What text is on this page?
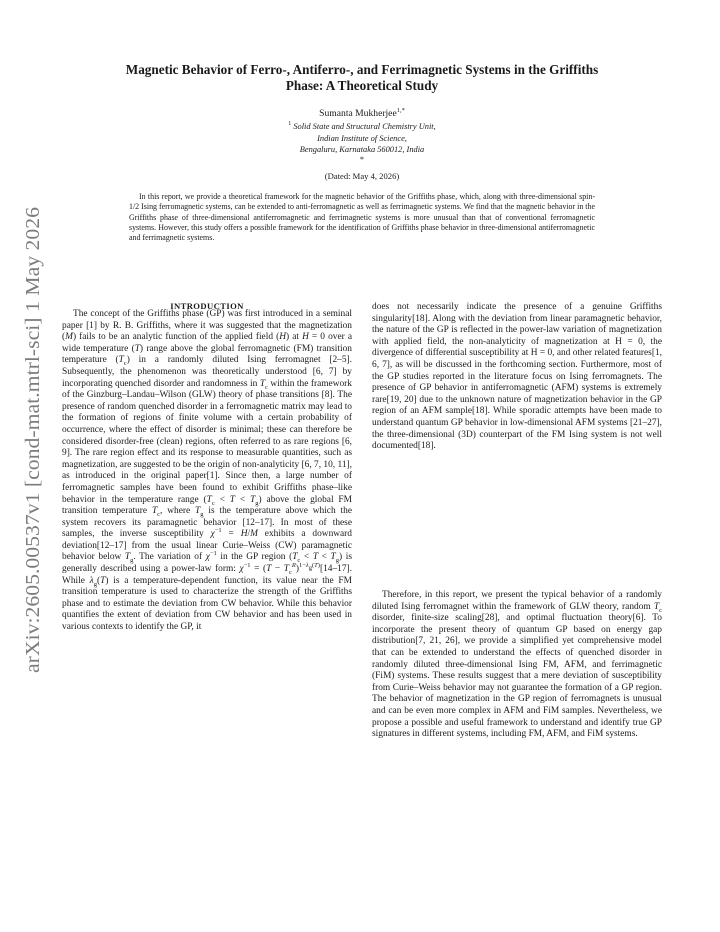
arXiv:2605.00537v1 [cond-mat.mtrl-sci] 1 May 2026
Magnetic Behavior of Ferro-, Antiferro-, and Ferrimagnetic Systems in the Griffiths
Phase: A Theoretical Study
Sumanta Mukherjee$^{1,*}$
$^1$ Solid State and Structural Chemistry Unit,
Indian Institute of Science,
Bengaluru, Karnataka 560012, India
*
(Dated: May 4, 2026)

In this report, we provide a theoretical framework for the magnetic behavior of the Griffiths phase, which, along with three-dimensional spin-1/2 Ising ferromagnetic systems, can be extended to anti-ferromagnetic as well as ferrimagnetic systems. We find that the magnetic behavior in the Griffiths phase of three-dimensional antiferromagnetic and ferrimagnetic systems is more unusual than that of conventional ferromagnetic systems. However, this study offers a possible framework for the identification of Griffiths phase behavior in three-dimensional antiferromagnetic and ferrimagnetic systems.

INTRODUCTION

The concept of the Griffiths phase (GP) was first introduced in a seminal paper [1] by R. B. Griffiths, where it was suggested that the magnetization (M) fails to be an analytic function of the applied field (H) at H = 0 over a wide temperature (T) range above the global ferromagnetic (FM) transition temperature $(T_c)$ in a randomly diluted Ising ferromagnet [2–5]. Subsequently, the phenomenon was theoretically understood [6, 7] by incorporating quenched disorder and randomness in $T_c$ within the framework of the Ginzburg–Landau–Wilson (GLW) theory of phase transitions [8]. The presence of random quenched disorder in a ferromagnetic matrix may lead to the formation of regions of finite volume with a certain probability of occurrence, where the effect of disorder is minimal; these can therefore be considered disorder-free (clean) regions, often referred to as rare regions [6, 9]. The rare region effect and its response to measurable quantities, such as magnetization, are suggested to be the origin of non-analyticity [6, 7, 10, 11], as introduced in the original paper[1]. Since then, a large number of ferromagnetic samples have been found to exhibit Griffiths phase–like behavior in the temperature range $(T_c < T < T_g)$ above the global FM transition temperature $T_c$, where $T_g$ is the temperature above which the system recovers its paramagnetic behavior [12–17]. In most of these samples, the inverse susceptibility $\chi^{-1} = H/M$ exhibits a downward deviation[12–17] from the usual linear Curie–Weiss (CW) paramagnetic behavior below $T_g$. The variation of $\chi^{-1}$ in the GP region $(T_c < T < T_g)$ is generally described using a power-law form: $\chi^{-1} = (T - T_c^R)^{1-\lambda_g(T)}[14-17]$. While $\lambda_g(T)$ is a temperature-dependent function, its value near the FM transition temperature is used to characterize the strength of the Griffiths phase and to estimate the deviation from CW behavior. While this behavior quantifies the extent of deviation from CW behavior and has been used in various contexts to identify the GP, it

does not necessarily indicate the presence of a genuine Griffiths singularity[18]. Along with the deviation from linear paramagnetic behavior, the nature of the GP is reflected in the power-law variation of magnetization with applied field, the non-analyticity of magnetization at H = 0, the divergence of differential susceptibility at H = 0, and other related features[1, 6, 7], as will be discussed in the forthcoming section. Furthermore, most of the GP studies reported in the literature focus on Ising ferromagnets. The presence of GP behavior in antiferromagnetic (AFM) systems is extremely rare[19, 20] due to the unknown nature of magnetization behavior in the GP region of an AFM sample[18]. While sporadic attempts have been made to understand quantum GP behavior in low-dimensional AFM systems [21–27], the three-dimensional (3D) counterpart of the FM Ising system is not well documented[18].

Therefore, in this report, we present the typical behavior of a randomly diluted Ising ferromagnet within the framework of GLW theory, random $T_c$ disorder, finite-size scaling[28], and optimal fluctuation theory[6]. To incorporate the present theory of quantum GP based on energy gap distribution[7, 21, 26], we provide a simplified yet comprehensive model that can be extended to understand the effects of quenched disorder in randomly diluted three-dimensional Ising FM, AFM, and ferrimagnetic (FiM) systems. These results suggest that a mere deviation of susceptibility from Curie–Weiss behavior may not guarantee the formation of a GP region. The behavior of magnetization in the GP region of ferromagnets is unusual and can be even more complex in AFM and FiM samples. Nevertheless, we propose a possible and useful framework to understand and identify true GP signatures in different systems, including FM, AFM, and FiM systems.
